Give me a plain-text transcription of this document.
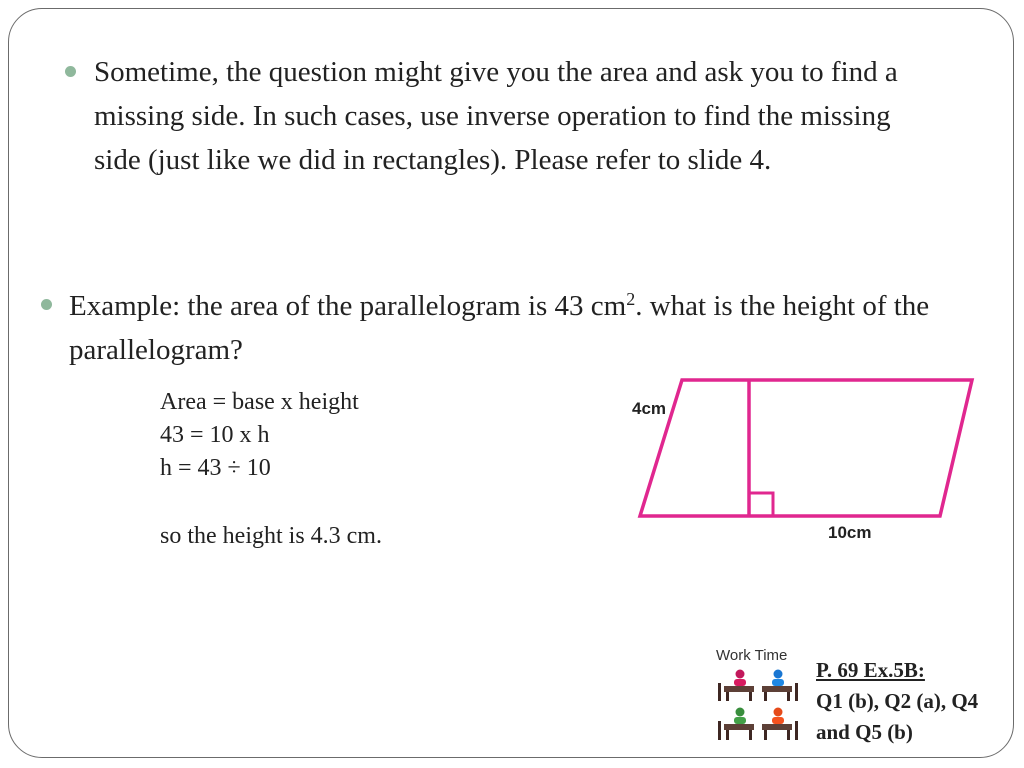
Sometime, the question might give you the area and ask you to find a missing side. In such cases, use inverse operation to find the missing side (just like we did in rectangles). Please refer to slide 4.
Example: the area of the parallelogram is 43 $cm^2$. what is the height of the parallelogram?
Area = base x height
43 = 10 x h
h = 43 ÷ 10
so the height is 4.3 cm.
4cm
10cm
Work Time
P. 69 Ex.5B:
Q1 (b), Q2 (a), Q4
and Q5 (b)
